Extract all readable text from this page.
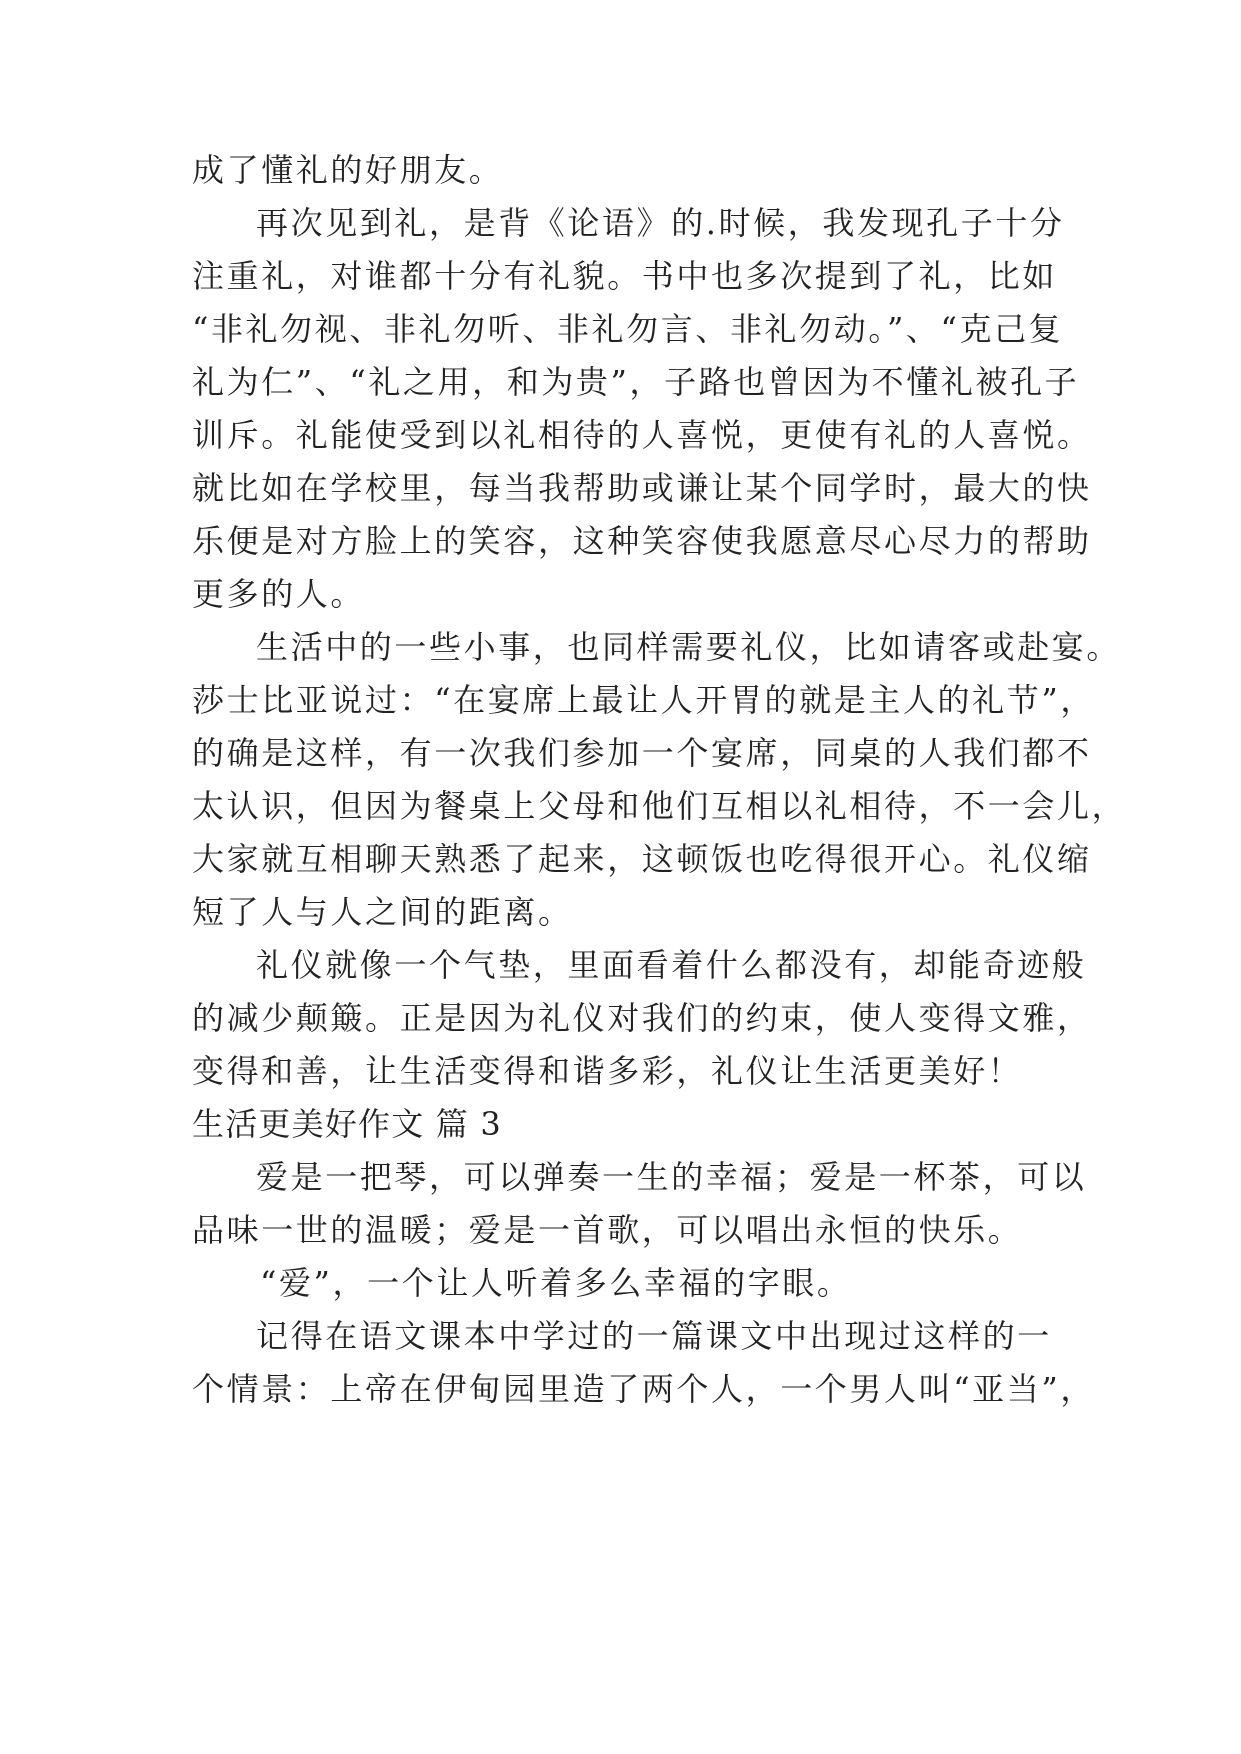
成了懂礼的好朋友。
再次见到礼，是背《论语》的.时候，我发现孔子十分
注重礼，对谁都十分有礼貌。书中也多次提到了礼，比如
“非礼勿视、非礼勿听、非礼勿言、非礼勿动。”、“克己复
礼为仁”、“礼之用，和为贵”，子路也曾因为不懂礼被孔子
训斥。礼能使受到以礼相待的人喜悦，更使有礼的人喜悦。
就比如在学校里，每当我帮助或谦让某个同学时，最大的快
乐便是对方脸上的笑容，这种笑容使我愿意尽心尽力的帮助
更多的人。
生活中的一些小事，也同样需要礼仪，比如请客或赴宴。
莎士比亚说过：“在宴席上最让人开胃的就是主人的礼节”，
的确是这样，有一次我们参加一个宴席，同桌的人我们都不
太认识，但因为餐桌上父母和他们互相以礼相待，不一会儿，
大家就互相聊天熟悉了起来，这顿饭也吃得很开心。礼仪缩
短了人与人之间的距离。
礼仪就像一个气垫，里面看着什么都没有，却能奇迹般
的减少颠簸。正是因为礼仪对我们的约束，使人变得文雅，
变得和善，让生活变得和谐多彩，礼仪让生活更美好！
生活更美好作文 篇 3
爱是一把琴，可以弹奏一生的幸福；爱是一杯茶，可以
品味一世的温暖；爱是一首歌，可以唱出永恒的快乐。
“爱”，一个让人听着多么幸福的字眼。
记得在语文课本中学过的一篇课文中出现过这样的一
个情景：上帝在伊甸园里造了两个人，一个男人叫“亚当”，
